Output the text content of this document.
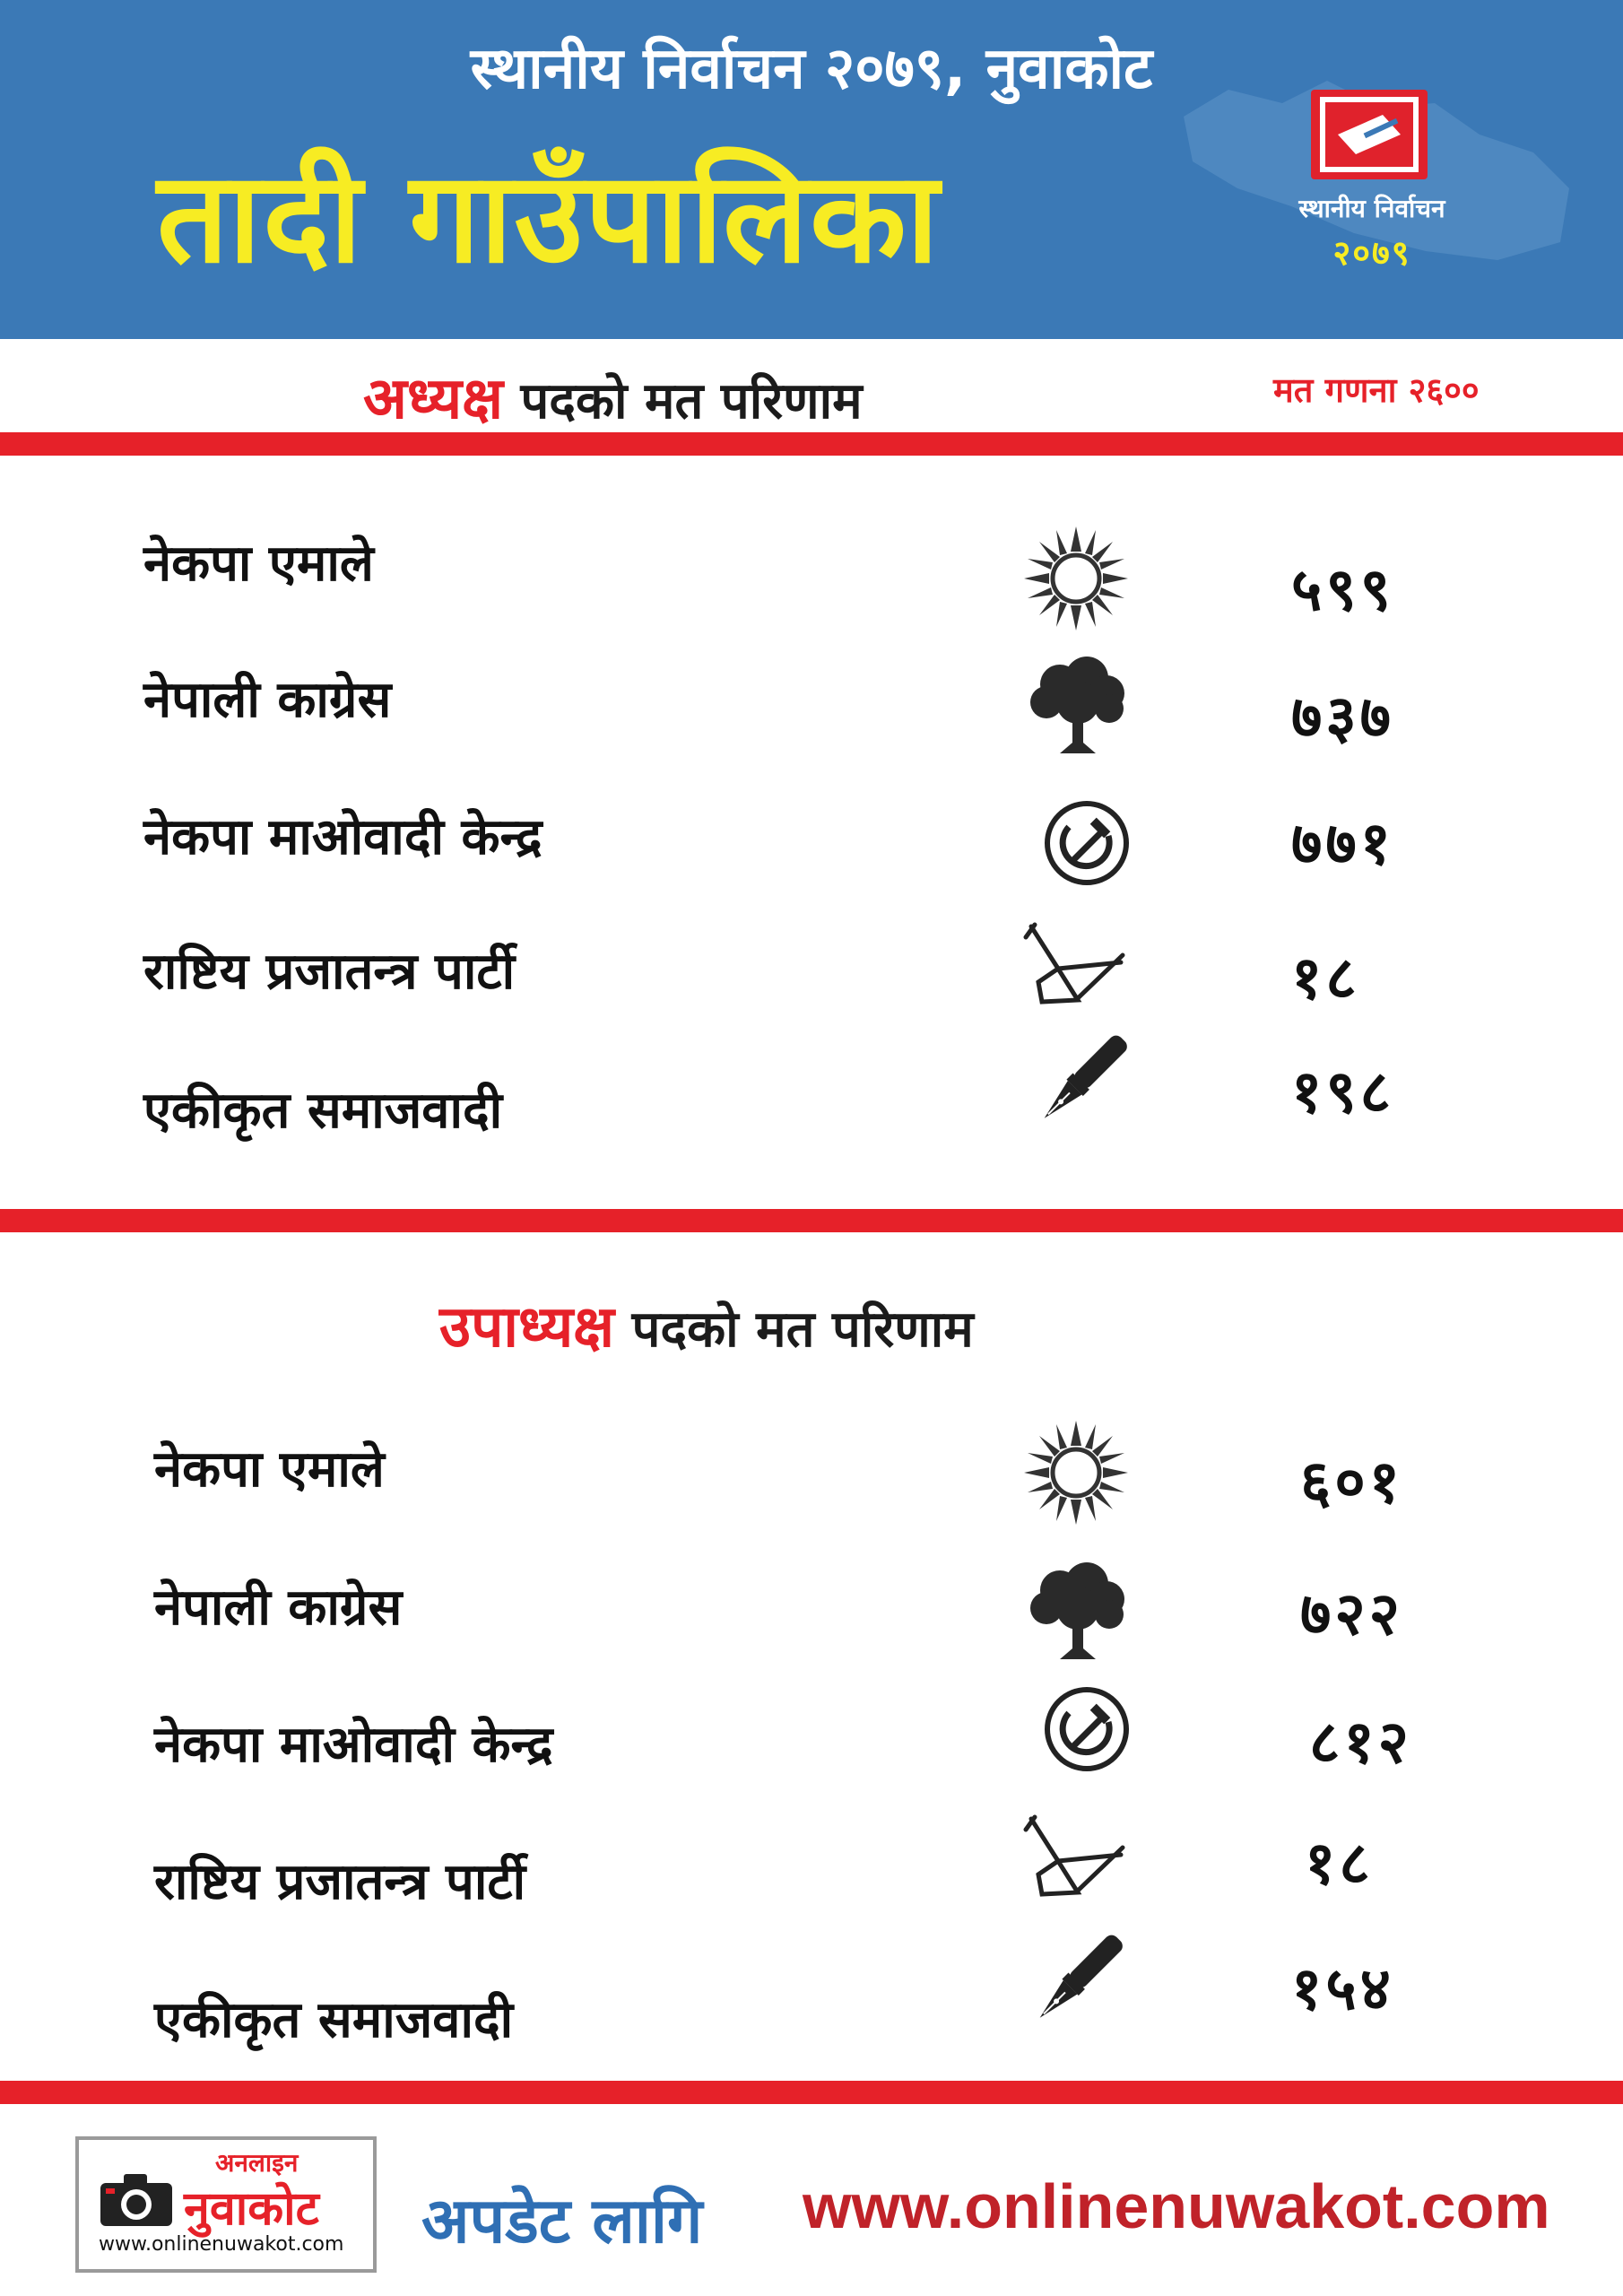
स्थानीय निर्वाचन २०७९, नुवाकोट
तादी गाउँपालिका	स्थानीय निर्वाचन
२०७९
अध्यक्ष पदको मत परिणाम	मत गणना २६००
नेकपा एमाले	५९९
नेपाली काग्रेस	७३७
नेकपा माओवादी केन्द्र	७७१
राष्टिय प्रजातन्त्र पार्टी	१८
एकीकृत समाजवादी	१९८
उपाध्यक्ष पदको मत परिणाम
नेकपा एमाले	६०१
नेपाली काग्रेस	७२२
नेकपा माओवादी केन्द्र	८१२
राष्टिय प्रजातन्त्र पार्टी	१८
एकीकृत समाजवादी	१५४
अनलाइन
नुवाकोट
www.onlinenuwakot.com अपडेट लागि www.onlinenuwakot.com
